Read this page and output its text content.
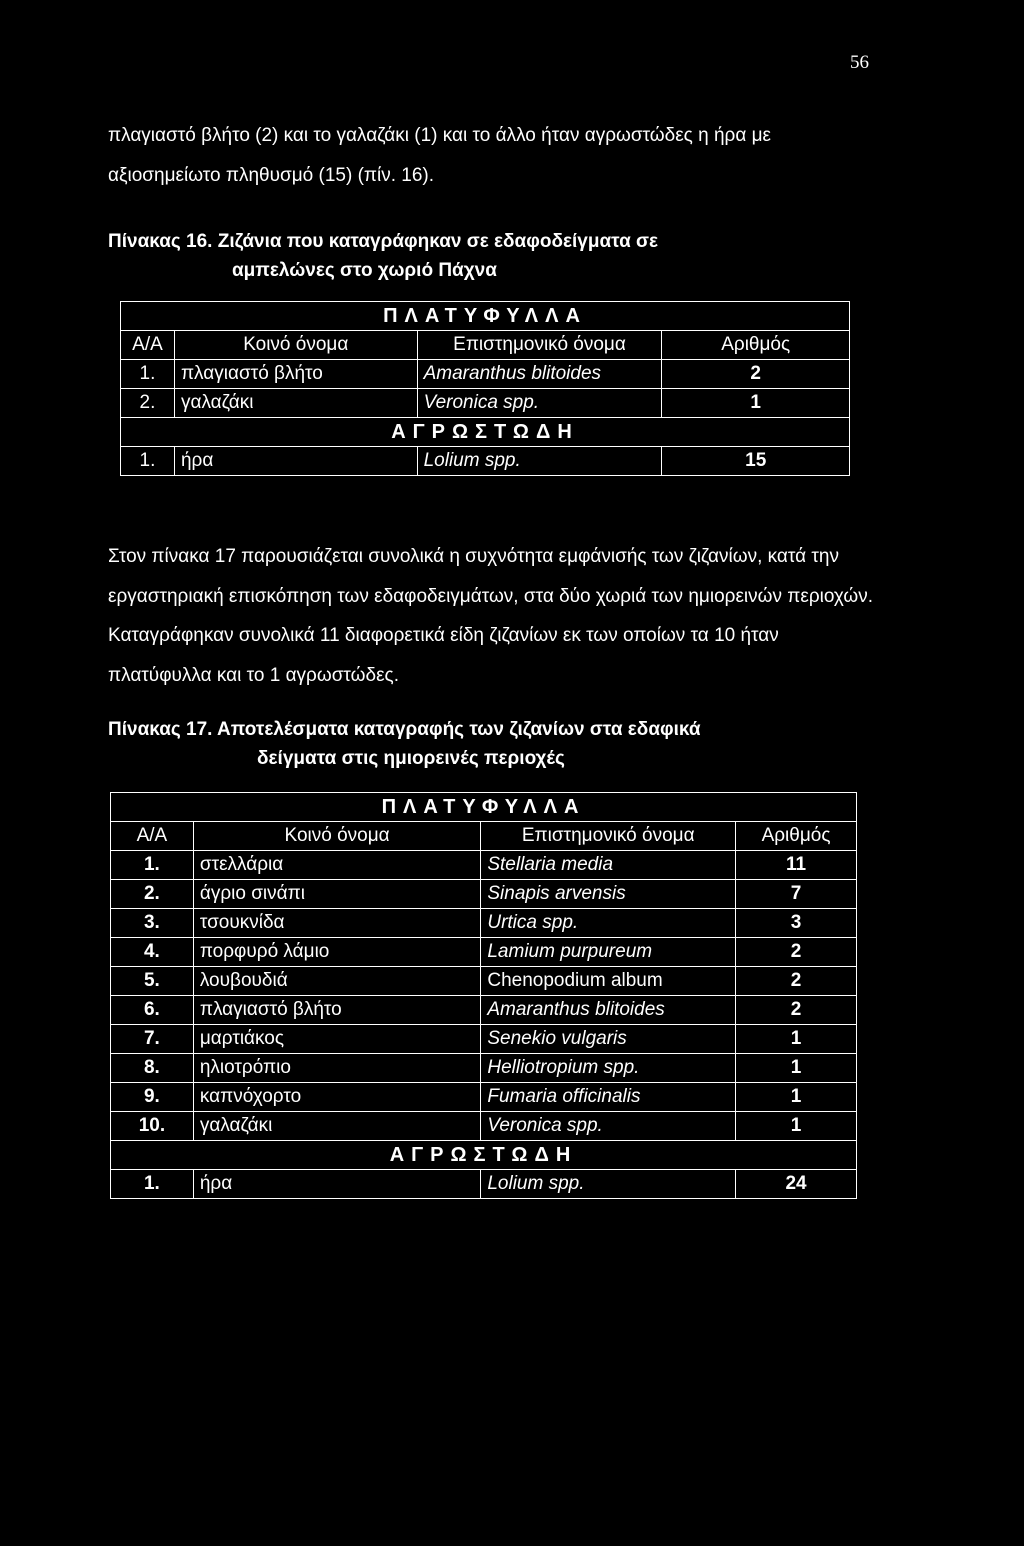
56

πλαγιαστό βλήτο (2) και το γαλαζάκι (1) και το άλλο ήταν αγρωστώδες η ήρα με αξιοσημείωτο πληθυσμό (15) (πίν. 16).

Πίνακας 16. Ζιζάνια που καταγράφηκαν σε εδαφοδείγματα σε
αμπελώνες στο χωριό Πάχνα
ΠΛΑΤΥΦΥΛΛΑ			
Α/Α	Κοινό όνομα	Επιστημονικό όνομα	Αριθμός
1.	πλαγιαστό βλήτο	Amaranthus blitoides	2
2.	γαλαζάκι	Veronica spp.	1
ΑΓΡΩΣΤΩΔΗ			
1.	ήρα	Lolium spp.	15

Στον πίνακα 17 παρουσιάζεται συνολικά η συχνότητα εμφάνισής των ζιζανίων, κατά την εργαστηριακή επισκόπηση των εδαφοδειγμάτων, στα δύο χωριά των ημιορεινών περιοχών. Καταγράφηκαν συνολικά 11 διαφορετικά είδη ζιζανίων εκ των οποίων τα 10 ήταν πλατύφυλλα και το 1 αγρωστώδες.

Πίνακας 17. Αποτελέσματα καταγραφής των ζιζανίων στα εδαφικά
δείγματα στις ημιορεινές περιοχές
ΠΛΑΤΥΦΥΛΛΑ			
Α/Α	Κοινό όνομα	Επιστημονικό όνομα	Αριθμός
1.	στελλάρια	Stellaria media	11
2.	άγριο σινάπι	Sinapis arvensis	7
3.	τσουκνίδα	Urtica spp.	3
4.	πορφυρό λάμιο	Lamium purpureum	2
5.	λουβουδιά	Chenopodium album	2
6.	πλαγιαστό βλήτο	Amaranthus blitoides	2
7.	μαρτιάκος	Senekio vulgaris	1
8.	ηλιοτρόπιο	Helliotropium spp.	1
9.	καπνόχορτο	Fumaria officinalis	1
10.	γαλαζάκι	Veronica spp.	1
ΑΓΡΩΣΤΩΔΗ			
1.	ήρα	Lolium spp.	24
